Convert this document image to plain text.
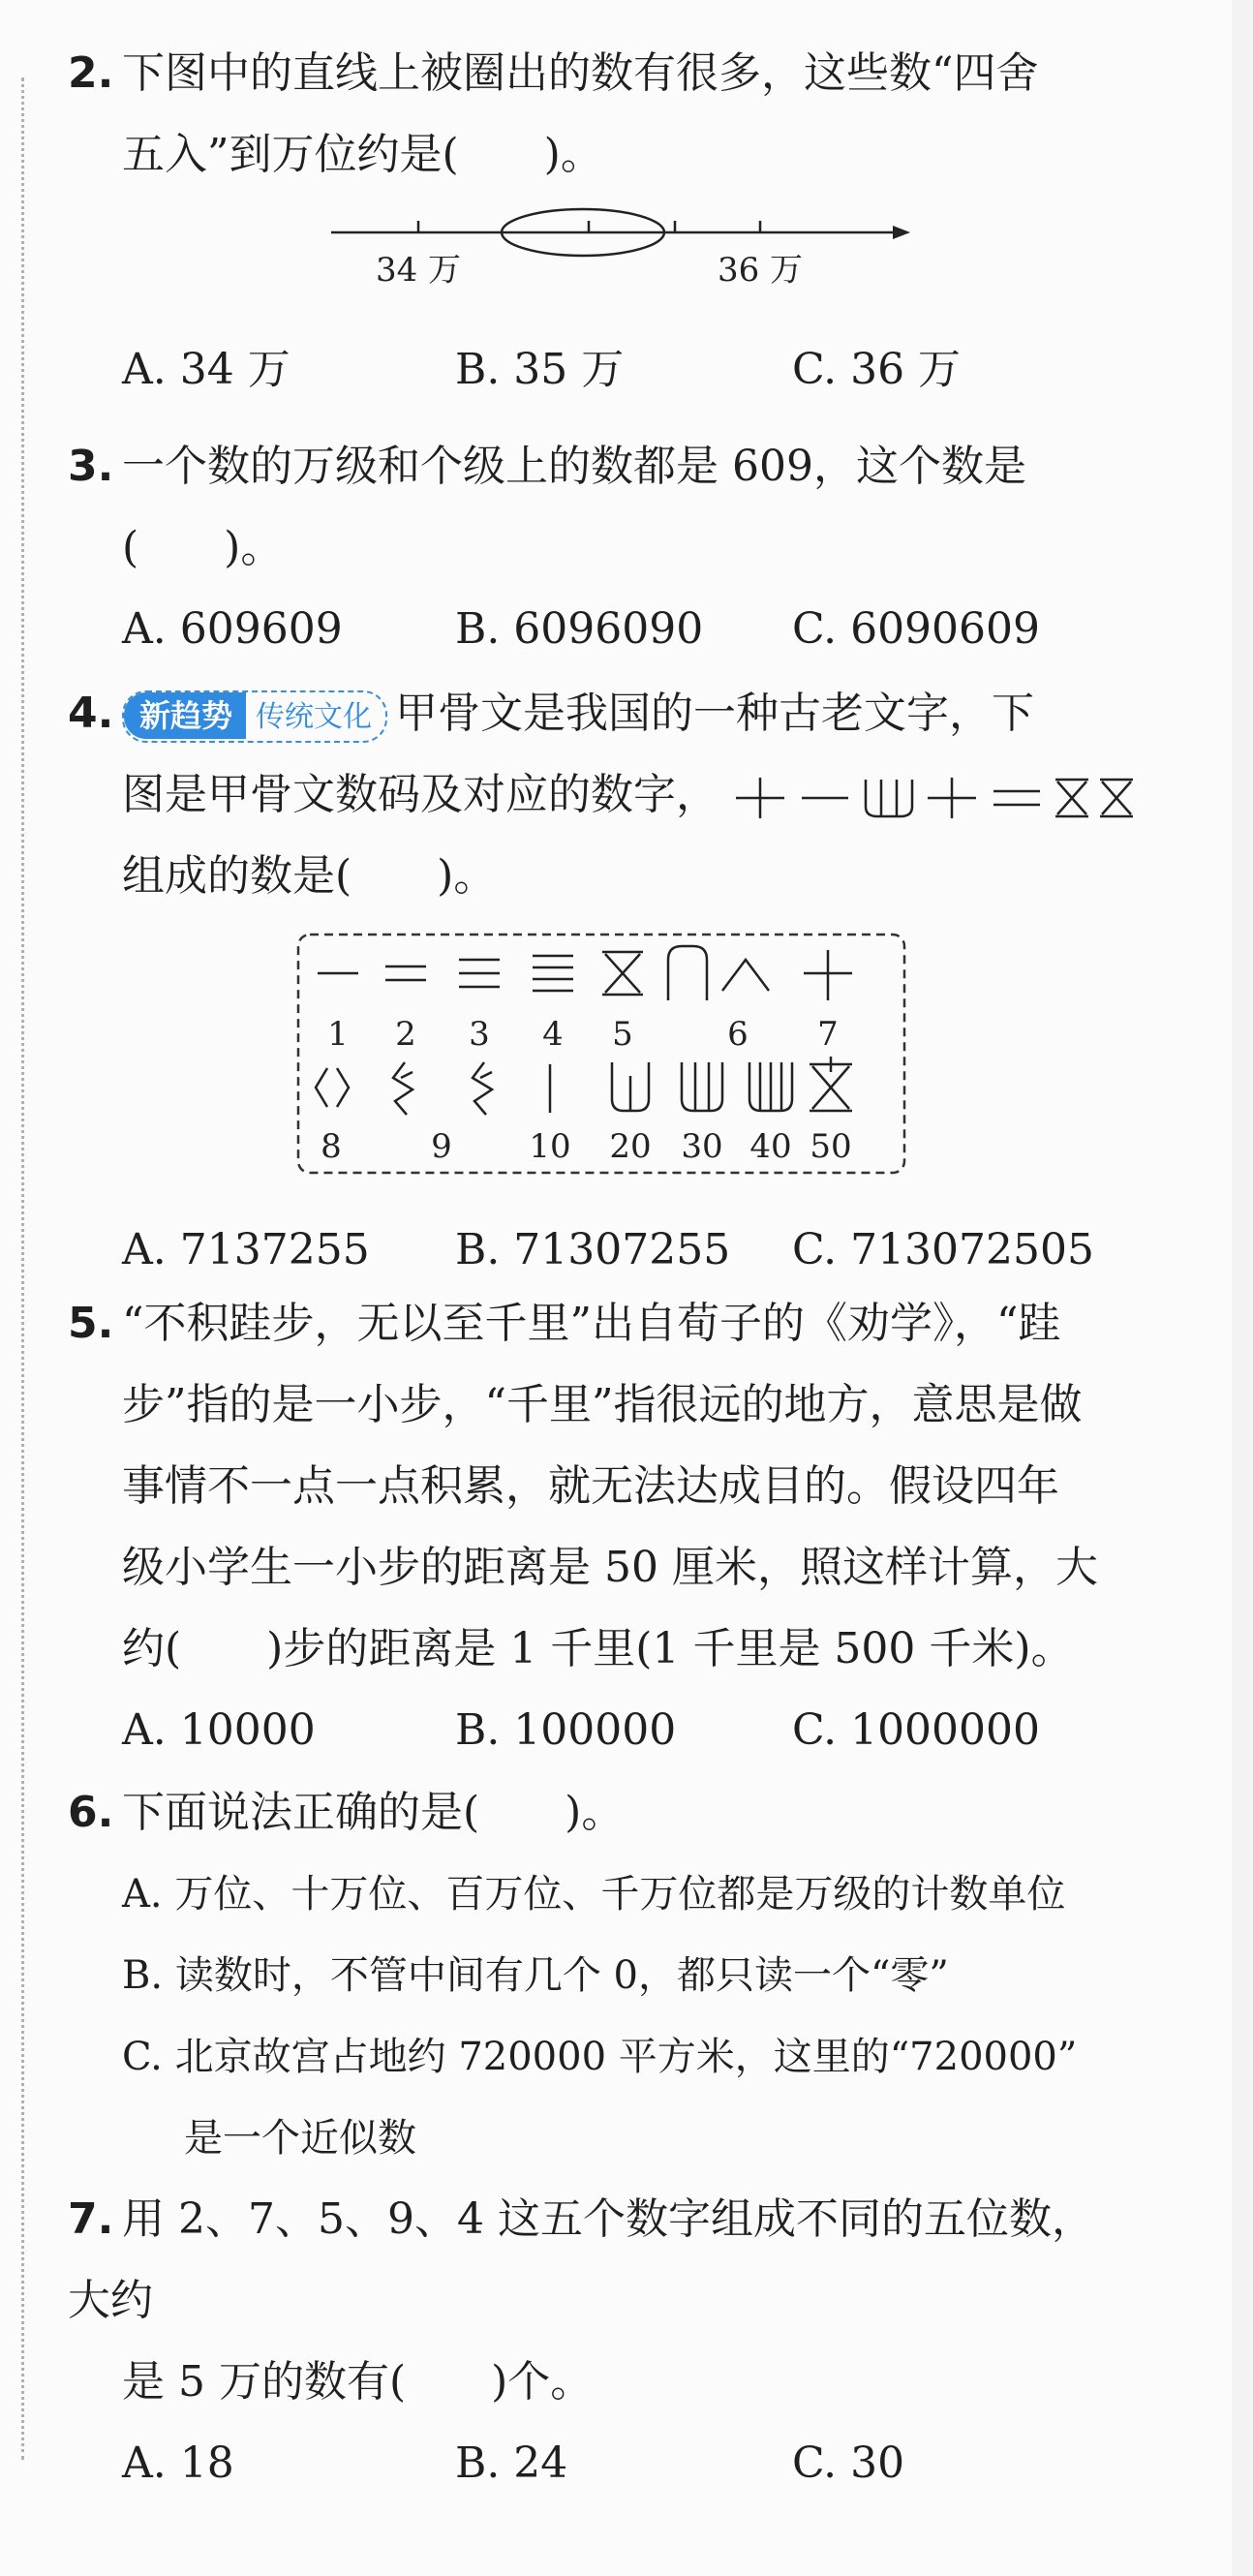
2. 下图中的直线上被圈出的数有很多，这些数“四舍
五入”到万位约是(　　)。
34 万	36 万
A. 34 万	B. 35 万	C. 36 万
3. 一个数的万级和个级上的数都是 609，这个数是
(　　)。
A. 609609	B. 6096090 C. 6090609
4. 新趋势 传统文化 甲骨文是我国的一种古老文字，下
图是甲骨文数码及对应的数字，
组成的数是(　　)。
1 2 3 4 5	6 7
8	9 10 20 30 40 50
A. 7137255 B. 71307255 C. 713072505
5. “不积跬步，无以至千里”出自荀子的《劝学》，“跬
步”指的是一小步，“千里”指很远的地方，意思是做
事情不一点一点积累，就无法达成目的。假设四年
级小学生一小步的距离是 50 厘米，照这样计算，大
约(　　)步的距离是 1 千里(1 千里是 500 千米)。
A. 10000	B. 100000	C. 1000000
6. 下面说法正确的是(　　)。
A. 万位、十万位、百万位、千万位都是万级的计数单位
B. 读数时，不管中间有几个 0，都只读一个“零”
C. 北京故宫占地约 720000 平方米，这里的“720000”
是一个近似数
7. 用 2、7、5、9、4 这五个数字组成不同的五位数，大约
是 5 万的数有(　　)个。
A. 18	B. 24	C. 30
